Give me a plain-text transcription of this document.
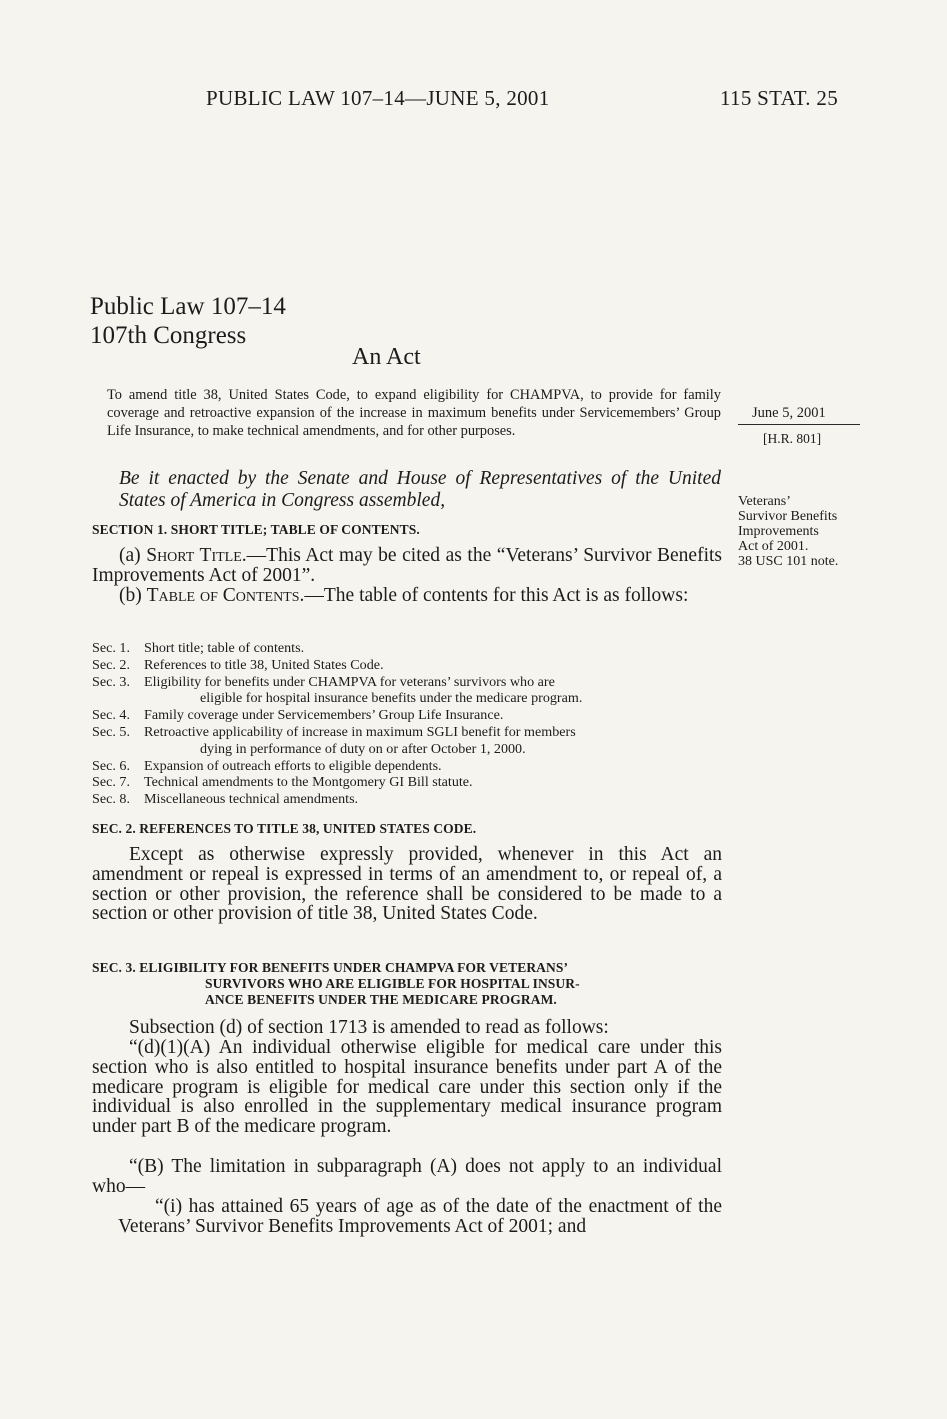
PUBLIC LAW 107–14—JUNE 5, 2001	115 STAT. 25
Public Law 107–14
107th Congress
An Act
To amend title 38, United States Code, to expand eligibility for CHAMPVA, to provide for family coverage and retroactive expansion of the increase in maximum benefits under Servicemembers’ Group Life Insurance, to make technical amendments, and for other purposes.
June 5, 2001
[H.R. 801]
Veterans’
Survivor Benefits
Improvements
Act of 2001.
38 USC 101 note.
Be it enacted by the Senate and House of Representatives of the United States of America in Congress assembled,
SECTION 1. SHORT TITLE; TABLE OF CONTENTS.
(a) Short Title.—This Act may be cited as the “Veterans’ Survivor Benefits Improvements Act of 2001”.
(b) Table of Contents.—The table of contents for this Act is as follows:
Sec. 1. Short title; table of contents.
Sec. 2. References to title 38, United States Code.
Sec. 3. Eligibility for benefits under CHAMPVA for veterans’ survivors who are
eligible for hospital insurance benefits under the medicare program.
Sec. 4. Family coverage under Servicemembers’ Group Life Insurance.
Sec. 5. Retroactive applicability of increase in maximum SGLI benefit for members
dying in performance of duty on or after October 1, 2000.
Sec. 6. Expansion of outreach efforts to eligible dependents.
Sec. 7. Technical amendments to the Montgomery GI Bill statute.
Sec. 8. Miscellaneous technical amendments.
SEC. 2. REFERENCES TO TITLE 38, UNITED STATES CODE.
Except as otherwise expressly provided, whenever in this Act an amendment or repeal is expressed in terms of an amendment to, or repeal of, a section or other provision, the reference shall be considered to be made to a section or other provision of title 38, United States Code.
SEC. 3. ELIGIBILITY FOR BENEFITS UNDER CHAMPVA FOR VETERANS’
SURVIVORS WHO ARE ELIGIBLE FOR HOSPITAL INSUR-
ANCE BENEFITS UNDER THE MEDICARE PROGRAM.
Subsection (d) of section 1713 is amended to read as follows:
“(d)(1)(A) An individual otherwise eligible for medical care under this section who is also entitled to hospital insurance benefits under part A of the medicare program is eligible for medical care under this section only if the individual is also enrolled in the supplementary medical insurance program under part B of the medicare program.
“(B) The limitation in subparagraph (A) does not apply to an individual who—
“(i) has attained 65 years of age as of the date of the enactment of the Veterans’ Survivor Benefits Improvements Act of 2001; and
